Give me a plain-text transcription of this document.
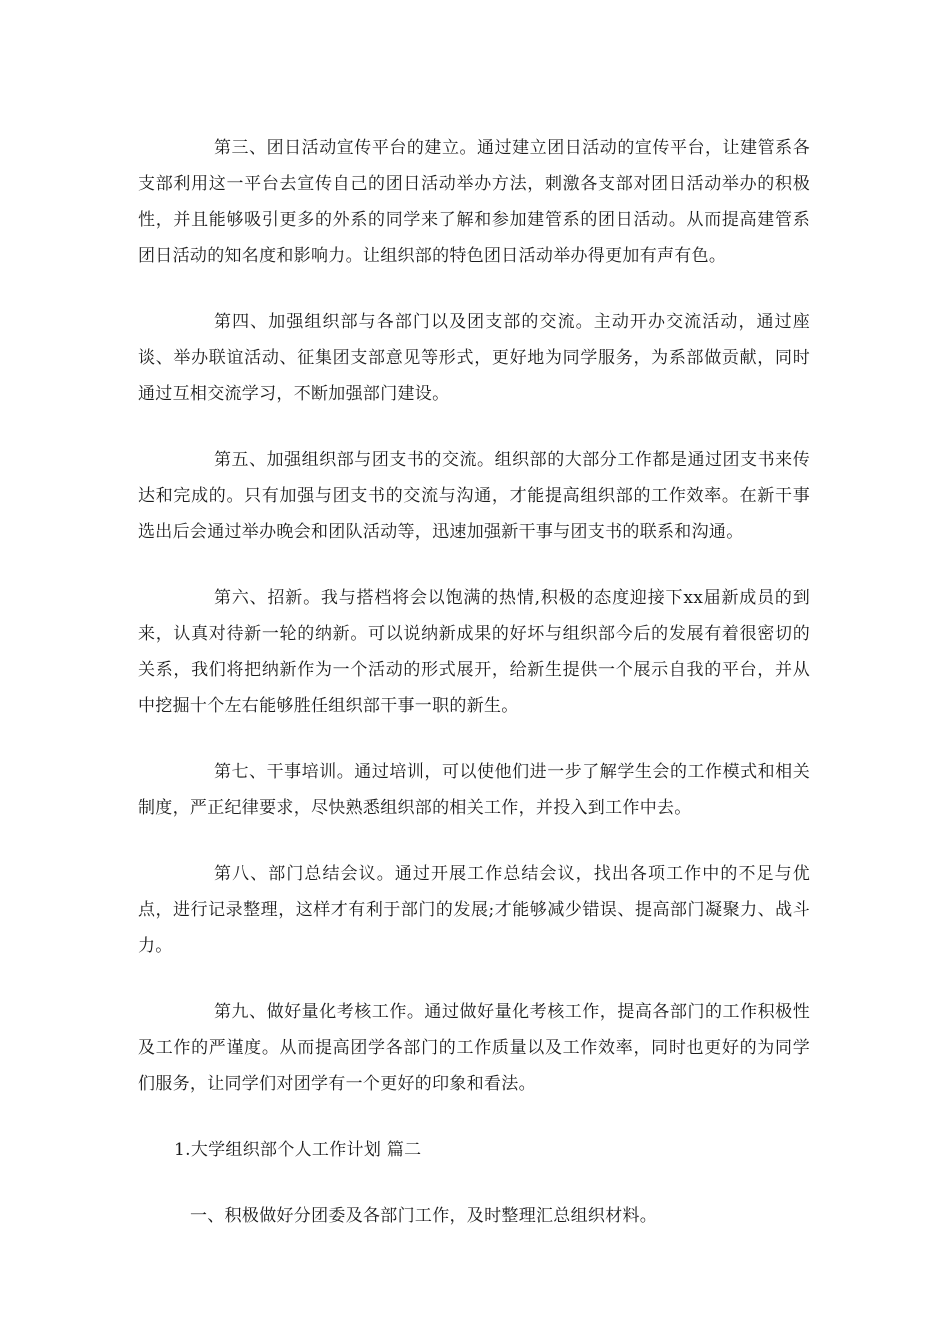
第三、团日活动宣传平台的建立。通过建立团日活动的宣传平台，让建管系各支部利用这一平台去宣传自己的团日活动举办方法，刺激各支部对团日活动举办的积极性，并且能够吸引更多的外系的同学来了解和参加建管系的团日活动。从而提高建管系团日活动的知名度和影响力。让组织部的特色团日活动举办得更加有声有色。

第四、加强组织部与各部门以及团支部的交流。主动开办交流活动，通过座谈、举办联谊活动、征集团支部意见等形式，更好地为同学服务，为系部做贡献，同时通过互相交流学习，不断加强部门建设。

第五、加强组织部与团支书的交流。组织部的大部分工作都是通过团支书来传达和完成的。只有加强与团支书的交流与沟通，才能提高组织部的工作效率。在新干事选出后会通过举办晚会和团队活动等，迅速加强新干事与团支书的联系和沟通。

第六、招新。我与搭档将会以饱满的热情,积极的态度迎接下xx届新成员的到来，认真对待新一轮的纳新。可以说纳新成果的好坏与组织部今后的发展有着很密切的关系，我们将把纳新作为一个活动的形式展开，给新生提供一个展示自我的平台，并从中挖掘十个左右能够胜任组织部干事一职的新生。

第七、干事培训。通过培训，可以使他们进一步了解学生会的工作模式和相关制度，严正纪律要求，尽快熟悉组织部的相关工作，并投入到工作中去。

第八、部门总结会议。通过开展工作总结会议，找出各项工作中的不足与优点，进行记录整理，这样才有利于部门的发展;才能够减少错误、提高部门凝聚力、战斗力。

第九、做好量化考核工作。通过做好量化考核工作，提高各部门的工作积极性及工作的严谨度。从而提高团学各部门的工作质量以及工作效率，同时也更好的为同学们服务，让同学们对团学有一个更好的印象和看法。

1.大学组织部个人工作计划 篇二

一、积极做好分团委及各部门工作，及时整理汇总组织材料。
